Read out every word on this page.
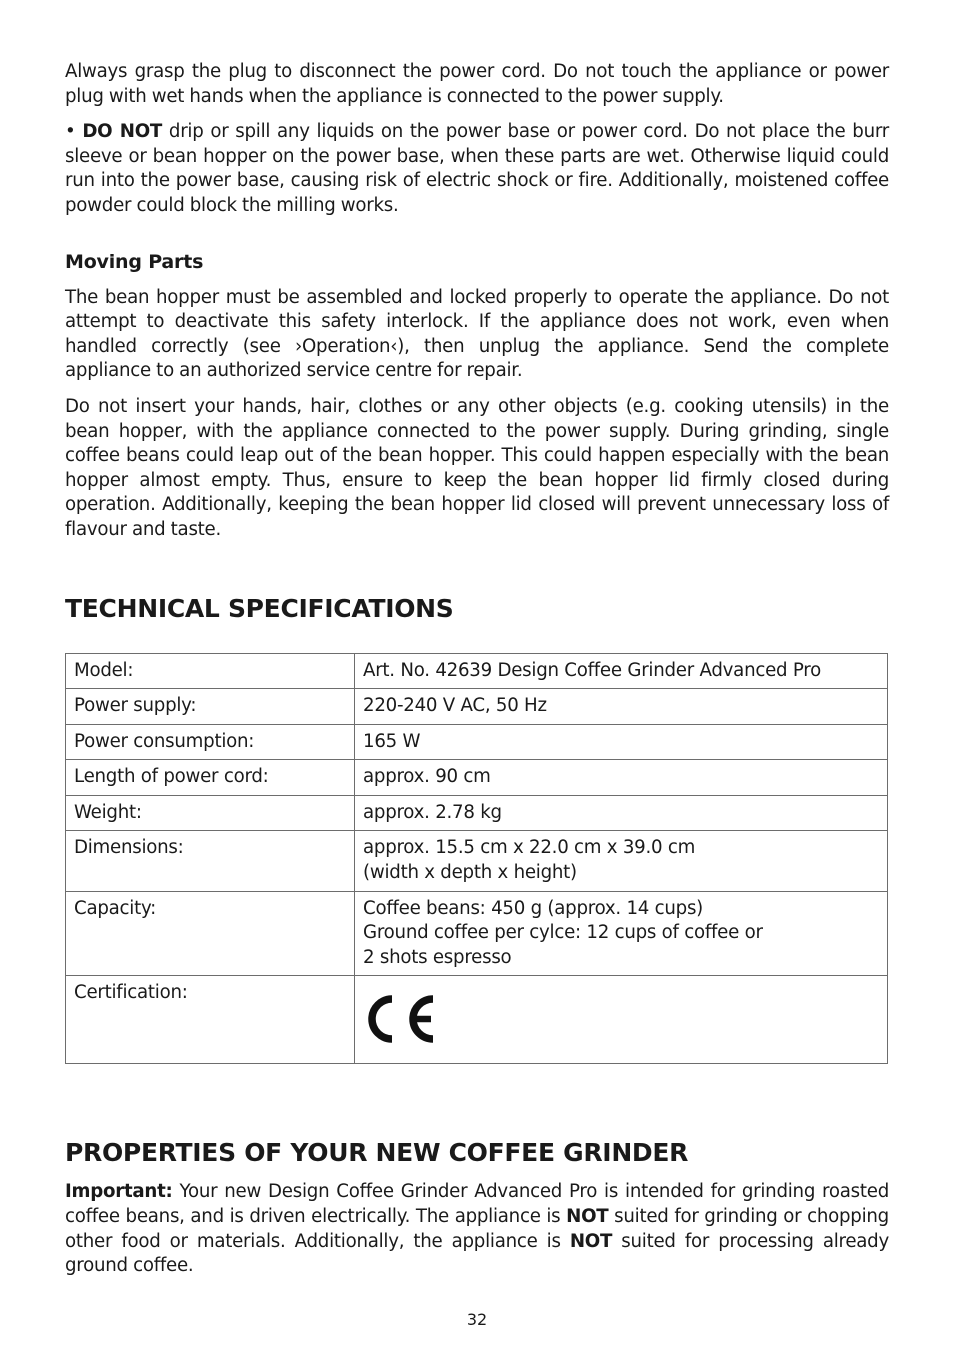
Always grasp the plug to disconnect the power cord. Do not touch the appliance or power plug with wet hands when the appliance is connected to the power supply.

• DO NOT drip or spill any liquids on the power base or power cord. Do not place the burr sleeve or bean hopper on the power base, when these parts are wet. Otherwise liquid could run into the power base, causing risk of electric shock or fire. Additionally, moistened coffee powder could block the milling works.

Moving Parts

The bean hopper must be assembled and locked properly to operate the appliance. Do not attempt to deactivate this safety interlock. If the appliance does not work, even when handled correctly (see ›Operation‹), then unplug the appliance. Send the complete appliance to an authorized service centre for repair.

Do not insert your hands, hair, clothes or any other objects (e.g. cooking utensils) in the bean hopper, with the appliance connected to the power supply. During grinding, single coffee beans could leap out of the bean hopper. This could happen especially with the bean hopper almost empty. Thus, ensure to keep the bean hopper lid firmly closed during operation. Additionally, keeping the bean hopper lid closed will prevent unnecessary loss of flavour and taste.

TECHNICAL SPECIFICATIONS
Model:	Art. No. 42639 Design Coffee Grinder Advanced Pro
Power supply:	220-240 V AC, 50 Hz
Power consumption:	165 W
Length of power cord:	approx. 90 cm
Weight:	approx. 2.78 kg
Dimensions:	approx. 15.5 cm x 22.0 cm x 39.0 cm
(width x depth x height)
Capacity:	Coffee beans: 450 g (approx. 14 cups)
Ground coffee per cylce: 12 cups of coffee or
2 shots espresso
Certification:	
PROPERTIES OF YOUR NEW COFFEE GRINDER

Important: Your new Design Coffee Grinder Advanced Pro is intended for grinding roasted coffee beans, and is driven electrically. The appliance is NOT suited for grinding or chopping other food or materials. Additionally, the appliance is NOT suited for processing already ground coffee.

32
